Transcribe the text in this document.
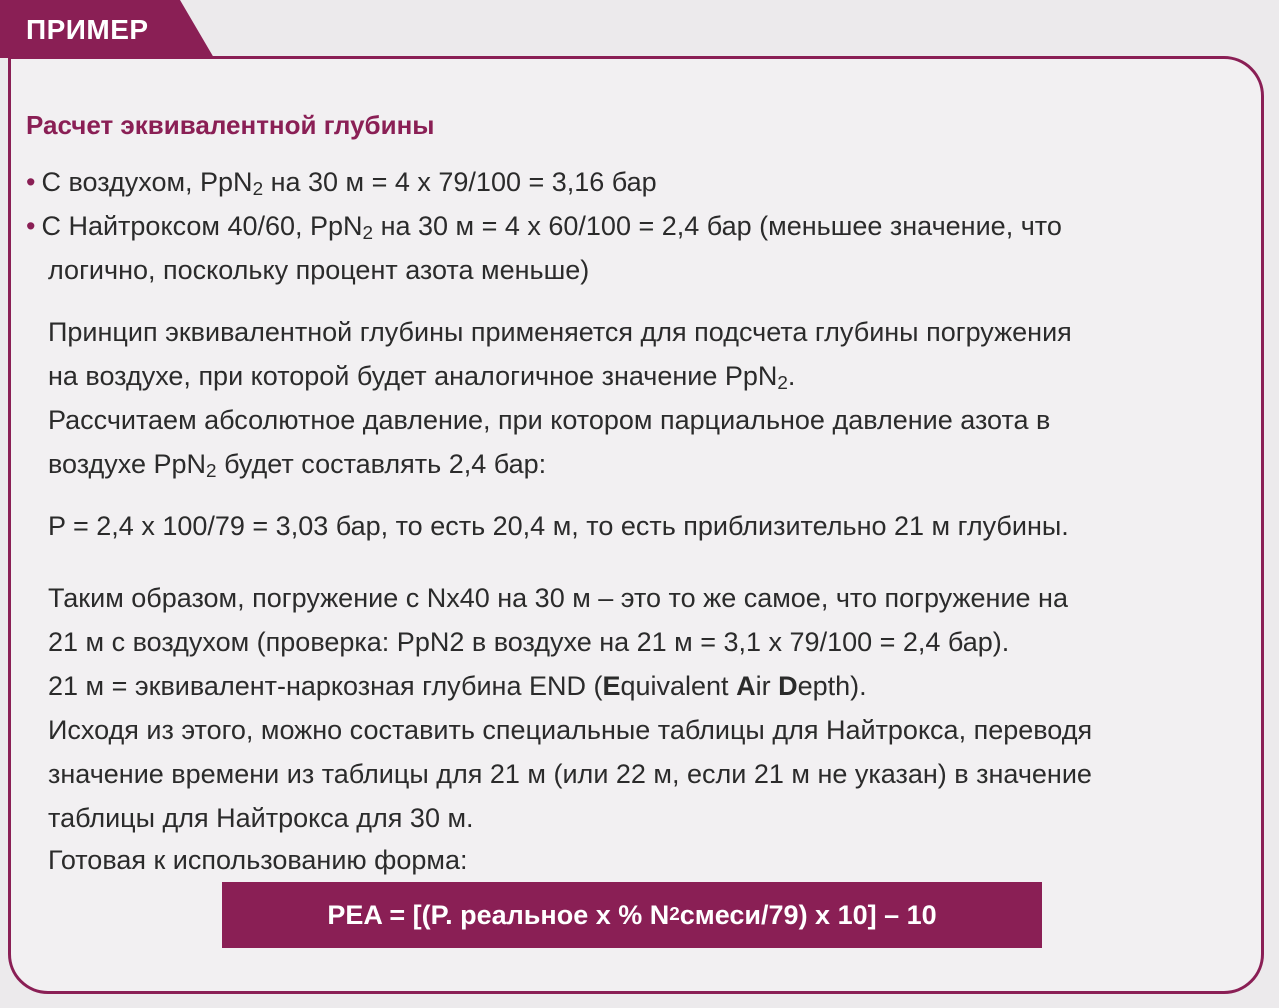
ПРИМЕР
Расчет эквивалентной глубины
• С воздухом, PpN$_2$ на 30 м = 4 x 79/100 = 3,16 бар
• С Найтроксом 40/60, PpN$_2$ на 30 м = 4 x 60/100 = 2,4 бар (меньшее значение, что
логично, поскольку процент азота меньше)
Принцип эквивалентной глубины применяется для подсчета глубины погружения
на воздухе, при которой будет аналогичное значение PpN$_2$.
Рассчитаем абсолютное давление, при котором парциальное давление азота в
воздухе PpN$_2$ будет составлять 2,4 бар:
P = 2,4 x 100/79 = 3,03 бар, то есть 20,4 м, то есть приблизительно 21 м глубины.
Таким образом, погружение с Nx40 на 30 м – это то же самое, что погружение на
21 м с воздухом (проверка: PpN2 в воздухе на 21 м = 3,1 x 79/100 = 2,4 бар).
21 м = эквивалент-наркозная глубина END (Equivalent Air Depth).
Исходя из этого, можно составить специальные таблицы для Найтрокса, переводя
значение времени из таблицы для 21 м (или 22 м, если 21 м не указан) в значение
таблицы для Найтрокса для 30 м.
Готовая к использованию форма:
PEA = [(P. реальное x % N 2 смеси/79) x 10] – 10
